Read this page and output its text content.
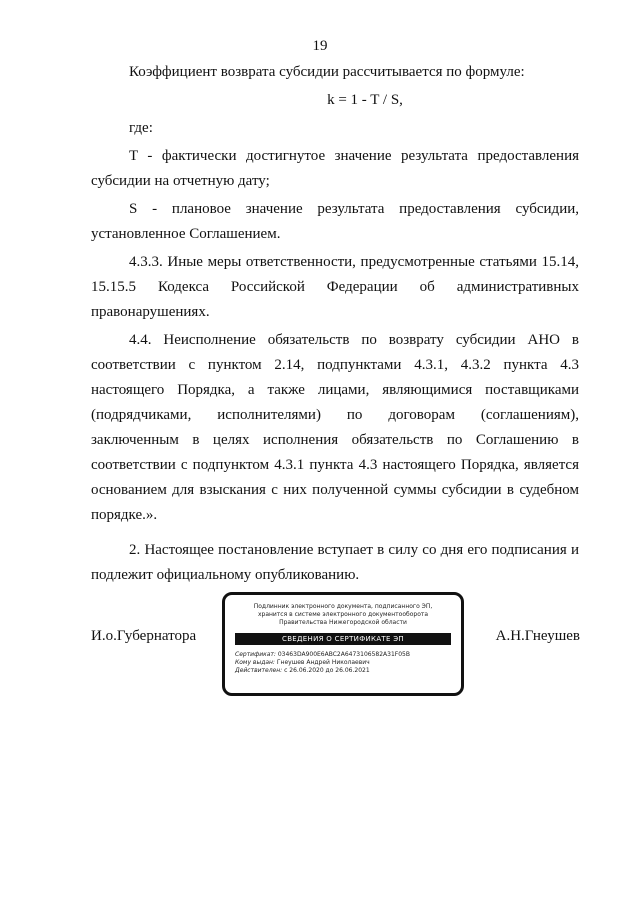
19

Коэффициент возврата субсидии рассчитывается по формуле:

k = 1 - T / S,

где:

T - фактически достигнутое значение результата предоставления субсидии на отчетную дату;

S - плановое значение результата предоставления субсидии, установленное Соглашением.

4.3.3. Иные меры ответственности, предусмотренные статьями 15.14, 15.15.5 Кодекса Российской Федерации об административных правонарушениях.

4.4. Неисполнение обязательств по возврату субсидии АНО в соответствии с пунктом 2.14, подпунктами 4.3.1, 4.3.2 пункта 4.3 настоящего Порядка, а также лицами, являющимися поставщиками (подрядчиками, исполнителями) по договорам (соглашениям), заключенным в целях исполнения обязательств по Соглашению в соответствии с подпунктом 4.3.1 пункта 4.3 настоящего Порядка, является основанием для взыскания с них полученной суммы субсидии в судебном порядке.».

2. Настоящее постановление вступает в силу со дня его подписания и подлежит официальному опубликованию.

И.о.Губернатора	А.Н.Гнеушев
Подлинник электронного документа, подписанного ЭП,
хранится в системе электронного документооборота
Правительства Нижегородской области
СВЕДЕНИЯ О СЕРТИФИКАТЕ ЭП
Сертификат: 03463DA900E6ABC2A6473106582A31F05B
Кому выдан: Гнеушев Андрей Николаевич
Действителен: с 26.06.2020 до 26.06.2021
